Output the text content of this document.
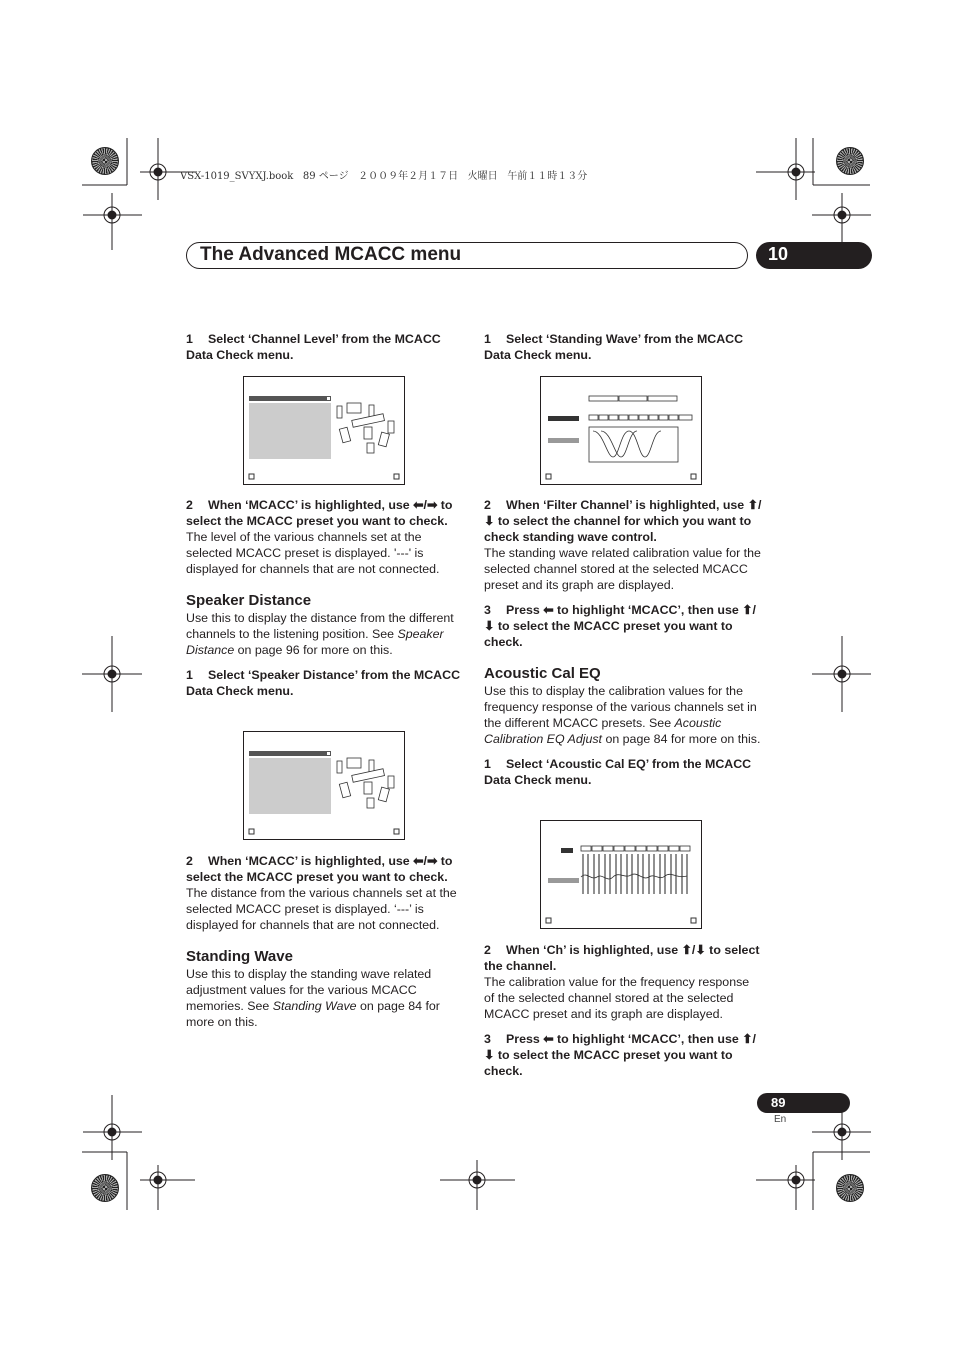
VSX-1019_SVYXJ.book   89 ページ   ２００９年２月１７日   火曜日   午前１１時１３分
The Advanced MCACC menu	10

1 Select ‘Channel Level’ from the MCACC Data Check menu.

2 When ‘MCACC’ is highlighted, use ⬅/➡ to select the MCACC preset you want to check.

The level of the various channels set at the selected MCACC preset is displayed. '---' is displayed for channels that are not connected.

Speaker Distance

Use this to display the distance from the different channels to the listening position. See Speaker Distance on page 96 for more on this.

1 Select ‘Speaker Distance’ from the MCACC Data Check menu.

2 When ‘MCACC’ is highlighted, use ⬅/➡ to select the MCACC preset you want to check.

The distance from the various channels set at the selected MCACC preset is displayed. ‘---’ is displayed for channels that are not connected.

Standing Wave

Use this to display the standing wave related adjustment values for the various MCACC memories. See Standing Wave on page 84 for more on this.

1 Select ‘Standing Wave’ from the MCACC Data Check menu.

2 When ‘Filter Channel’ is highlighted, use ⬆/⬇ to select the channel for which you want to check standing wave control.

The standing wave related calibration value for the selected channel stored at the selected MCACC preset and its graph are displayed.

3 Press ⬅ to highlight ‘MCACC’, then use ⬆/⬇ to select the MCACC preset you want to check.

Acoustic Cal EQ

Use this to display the calibration values for the frequency response of the various channels set in the different MCACC presets. See Acoustic Calibration EQ Adjust on page 84 for more on this.

1 Select ‘Acoustic Cal EQ’ from the MCACC Data Check menu.

2 When ‘Ch’ is highlighted, use ⬆/⬇ to select the channel.

The calibration value for the frequency response of the selected channel stored at the selected MCACC preset and its graph are displayed.

3 Press ⬅ to highlight ‘MCACC’, then use ⬆/⬇ to select the MCACC preset you want to check.

89
En
